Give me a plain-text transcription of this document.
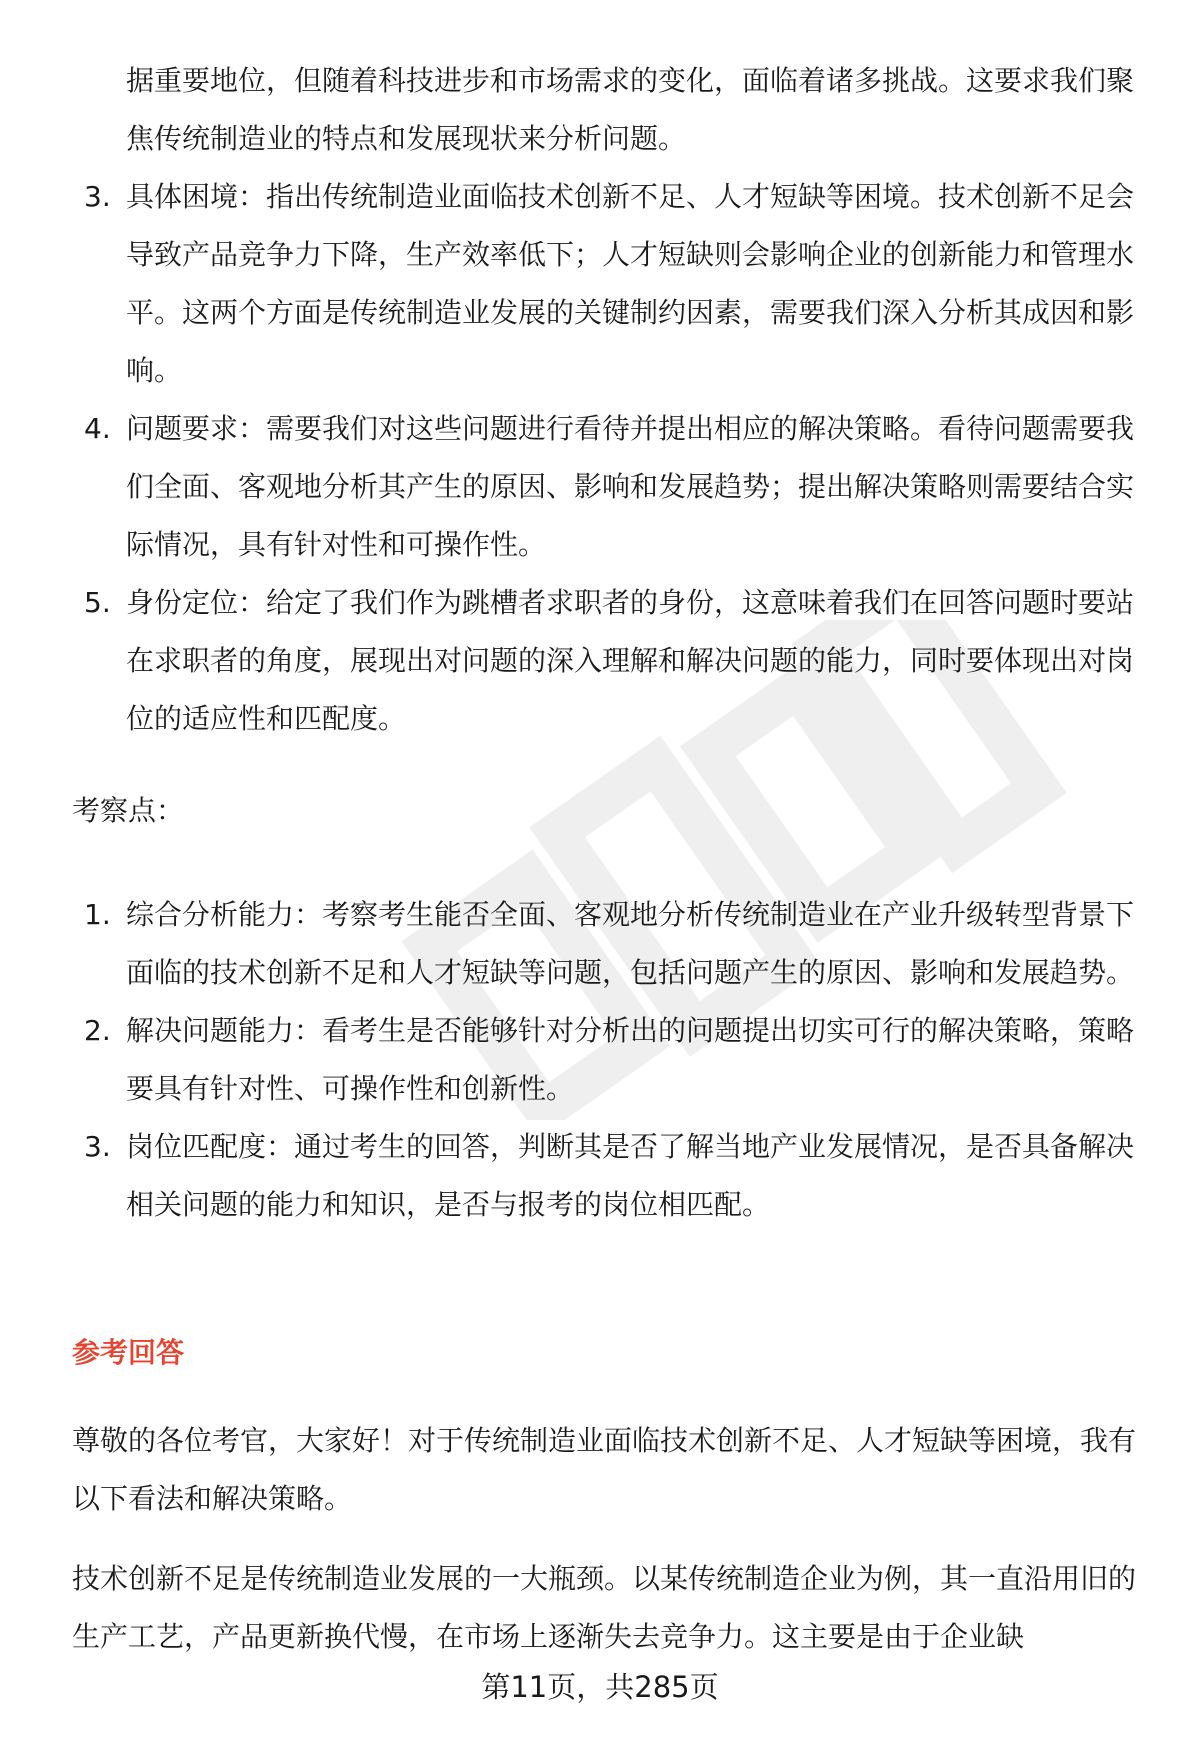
据重要地位，但随着科技进步和市场需求的变化，面临着诸多挑战。这要求我们聚焦传统制造业的特点和发展现状来分析问题。
3. 具体困境：指出传统制造业面临技术创新不足、人才短缺等困境。技术创新不足会导致产品竞争力下降，生产效率低下；人才短缺则会影响企业的创新能力和管理水平。这两个方面是传统制造业发展的关键制约因素，需要我们深入分析其成因和影响。
4. 问题要求：需要我们对这些问题进行看待并提出相应的解决策略。看待问题需要我们全面、客观地分析其产生的原因、影响和发展趋势；提出解决策略则需要结合实际情况，具有针对性和可操作性。
5. 身份定位：给定了我们作为跳槽者求职者的身份，这意味着我们在回答问题时要站在求职者的角度，展现出对问题的深入理解和解决问题的能力，同时要体现出对岗位的适应性和匹配度。
考察点：
1. 综合分析能力：考察考生能否全面、客观地分析传统制造业在产业升级转型背景下面临的技术创新不足和人才短缺等问题，包括问题产生的原因、影响和发展趋势。
2. 解决问题能力：看考生是否能够针对分析出的问题提出切实可行的解决策略，策略要具有针对性、可操作性和创新性。
3. 岗位匹配度：通过考生的回答，判断其是否了解当地产业发展情况，是否具备解决相关问题的能力和知识，是否与报考的岗位相匹配。
参考回答
尊敬的各位考官，大家好！对于传统制造业面临技术创新不足、人才短缺等困境，我有以下看法和解决策略。
技术创新不足是传统制造业发展的一大瓶颈。以某传统制造企业为例，其一直沿用旧的生产工艺，产品更新换代慢，在市场上逐渐失去竞争力。这主要是由于企业缺
第11页，共285页
